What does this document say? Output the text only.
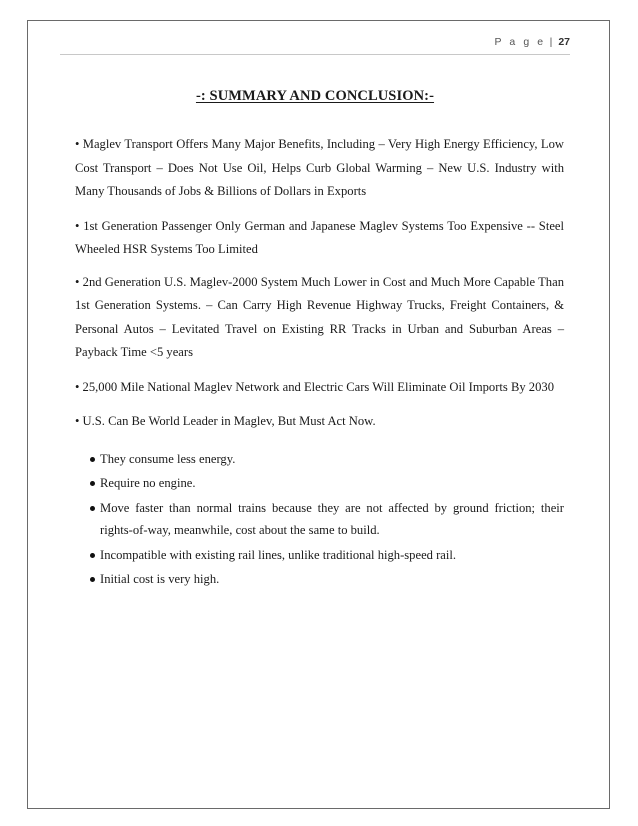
P a g e | 27
-: SUMMARY AND CONCLUSION:-

• Maglev Transport Offers Many Major Benefits, Including – Very High Energy Efficiency, Low Cost Transport – Does Not Use Oil, Helps Curb Global Warming – New U.S. Industry with Many Thousands of Jobs & Billions of Dollars in Exports

• 1st Generation Passenger Only German and Japanese Maglev Systems Too Expensive -- Steel Wheeled HSR Systems Too Limited

• 2nd Generation U.S. Maglev-2000 System Much Lower in Cost and Much More Capable Than 1st Generation Systems. – Can Carry High Revenue Highway Trucks, Freight Containers, & Personal Autos – Levitated Travel on Existing RR Tracks in Urban and Suburban Areas – Payback Time <5 years

• 25,000 Mile National Maglev Network and Electric Cars Will Eliminate Oil Imports By 2030

• U.S. Can Be World Leader in Maglev, But Must Act Now.

They consume less energy.
Require no engine.
Move faster than normal trains because they are not affected by ground friction; their rights-of-way, meanwhile, cost about the same to build.
Incompatible with existing rail lines, unlike traditional high-speed rail.
Initial cost is very high.
